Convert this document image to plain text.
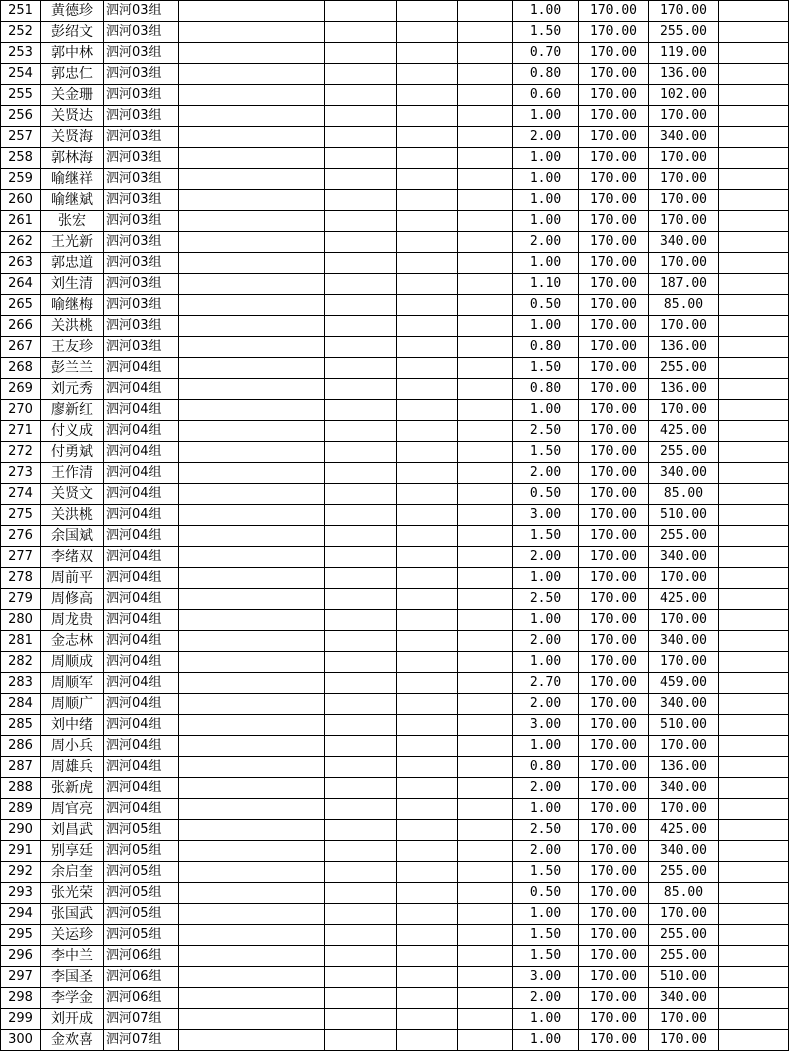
251	黄德珍	泗河03组					1.00	170.00	170.00	
252	彭绍文	泗河03组					1.50	170.00	255.00	
253	郭中林	泗河03组					0.70	170.00	119.00	
254	郭忠仁	泗河03组					0.80	170.00	136.00	
255	关金珊	泗河03组					0.60	170.00	102.00	
256	关贤达	泗河03组					1.00	170.00	170.00	
257	关贤海	泗河03组					2.00	170.00	340.00	
258	郭林海	泗河03组					1.00	170.00	170.00	
259	喻继祥	泗河03组					1.00	170.00	170.00	
260	喻继斌	泗河03组					1.00	170.00	170.00	
261	张宏	泗河03组					1.00	170.00	170.00	
262	王光新	泗河03组					2.00	170.00	340.00	
263	郭忠道	泗河03组					1.00	170.00	170.00	
264	刘生清	泗河03组					1.10	170.00	187.00	
265	喻继梅	泗河03组					0.50	170.00	85.00	
266	关洪桃	泗河03组					1.00	170.00	170.00	
267	王友珍	泗河03组					0.80	170.00	136.00	
268	彭兰兰	泗河04组					1.50	170.00	255.00	
269	刘元秀	泗河04组					0.80	170.00	136.00	
270	廖新红	泗河04组					1.00	170.00	170.00	
271	付义成	泗河04组					2.50	170.00	425.00	
272	付勇斌	泗河04组					1.50	170.00	255.00	
273	王作清	泗河04组					2.00	170.00	340.00	
274	关贤文	泗河04组					0.50	170.00	85.00	
275	关洪桃	泗河04组					3.00	170.00	510.00	
276	余国斌	泗河04组					1.50	170.00	255.00	
277	李绪双	泗河04组					2.00	170.00	340.00	
278	周前平	泗河04组					1.00	170.00	170.00	
279	周修高	泗河04组					2.50	170.00	425.00	
280	周龙贵	泗河04组					1.00	170.00	170.00	
281	金志林	泗河04组					2.00	170.00	340.00	
282	周顺成	泗河04组					1.00	170.00	170.00	
283	周顺军	泗河04组					2.70	170.00	459.00	
284	周顺广	泗河04组					2.00	170.00	340.00	
285	刘中绪	泗河04组					3.00	170.00	510.00	
286	周小兵	泗河04组					1.00	170.00	170.00	
287	周雄兵	泗河04组					0.80	170.00	136.00	
288	张新虎	泗河04组					2.00	170.00	340.00	
289	周官亮	泗河04组					1.00	170.00	170.00	
290	刘昌武	泗河05组					2.50	170.00	425.00	
291	别享廷	泗河05组					2.00	170.00	340.00	
292	余启奎	泗河05组					1.50	170.00	255.00	
293	张光荣	泗河05组					0.50	170.00	85.00	
294	张国武	泗河05组					1.00	170.00	170.00	
295	关运珍	泗河05组					1.50	170.00	255.00	
296	李中兰	泗河06组					1.50	170.00	255.00	
297	李国圣	泗河06组					3.00	170.00	510.00	
298	李学金	泗河06组					2.00	170.00	340.00	
299	刘开成	泗河07组					1.00	170.00	170.00	
300	金欢喜	泗河07组					1.00	170.00	170.00	
